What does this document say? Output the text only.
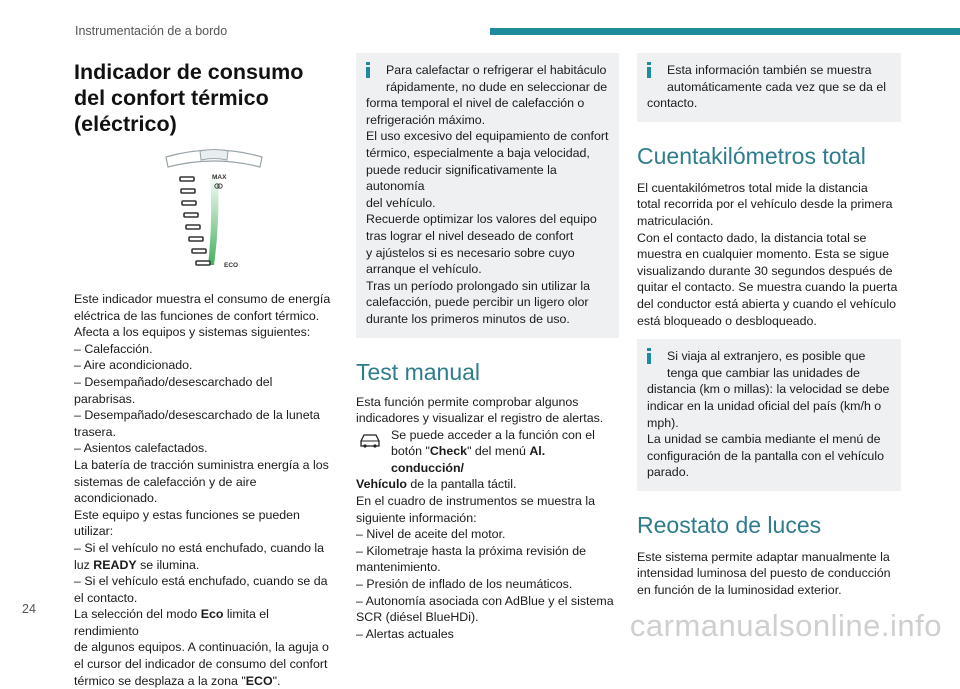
Instrumentación de a bordo
Indicador de consumo del confort térmico (eléctrico)
MAX
ECO

Este indicador muestra el consumo de energía

eléctrica de las funciones de confort térmico.

Afecta a los equipos y sistemas siguientes:

– Calefacción.

– Aire acondicionado.

– Desempañado/desescarchado del parabrisas.

– Desempañado/desescarchado de la luneta

trasera.

– Asientos calefactados.

La batería de tracción suministra energía a los

sistemas de calefacción y de aire acondicionado.

Este equipo y estas funciones se pueden utilizar:

– Si el vehículo no está enchufado, cuando la

luz READY se ilumina.

– Si el vehículo está enchufado, cuando se da

el contacto.

La selección del modo Eco limita el rendimiento

de algunos equipos. A continuación, la aguja o

el cursor del indicador de consumo del confort

térmico se desplaza a la zona "ECO".

Para calefactar o refrigerar el habitáculo

rápidamente, no dude en seleccionar de

forma temporal el nivel de calefacción o

refrigeración máximo.

El uso excesivo del equipamiento de confort

térmico, especialmente a baja velocidad,

puede reducir significativamente la autonomía

del vehículo.

Recuerde optimizar los valores del equipo

tras lograr el nivel deseado de confort

y ajústelos si es necesario sobre cuyo

arranque el vehículo.

Tras un período prolongado sin utilizar la

calefacción, puede percibir un ligero olor

durante los primeros minutos de uso.

Test manual

Esta función permite comprobar algunos

indicadores y visualizar el registro de alertas.

Se puede acceder a la función con el

botón "Check" del menú Al. conducción/

Vehículo de la pantalla táctil.

En el cuadro de instrumentos se muestra la

siguiente información:

– Nivel de aceite del motor.

– Kilometraje hasta la próxima revisión de

mantenimiento.

– Presión de inflado de los neumáticos.

– Autonomía asociada con AdBlue y el sistema

SCR (diésel BlueHDi).

– Alertas actuales

Esta información también se muestra

automáticamente cada vez que se da el

contacto.

Cuentakilómetros total

El cuentakilómetros total mide la distancia

total recorrida por el vehículo desde la primera

matriculación.

Con el contacto dado, la distancia total se

muestra en cualquier momento. Esta se sigue

visualizando durante 30 segundos después de

quitar el contacto. Se muestra cuando la puerta

del conductor está abierta y cuando el vehículo

está bloqueado o desbloqueado.

Si viaja al extranjero, es posible que

tenga que cambiar las unidades de

distancia (km o millas): la velocidad se debe

indicar en la unidad oficial del país (km/h o

mph).

La unidad se cambia mediante el menú de

configuración de la pantalla con el vehículo

parado.

Reostato de luces

Este sistema permite adaptar manualmente la

intensidad luminosa del puesto de conducción

en función de la luminosidad exterior.

24	carmanualsonline.info
